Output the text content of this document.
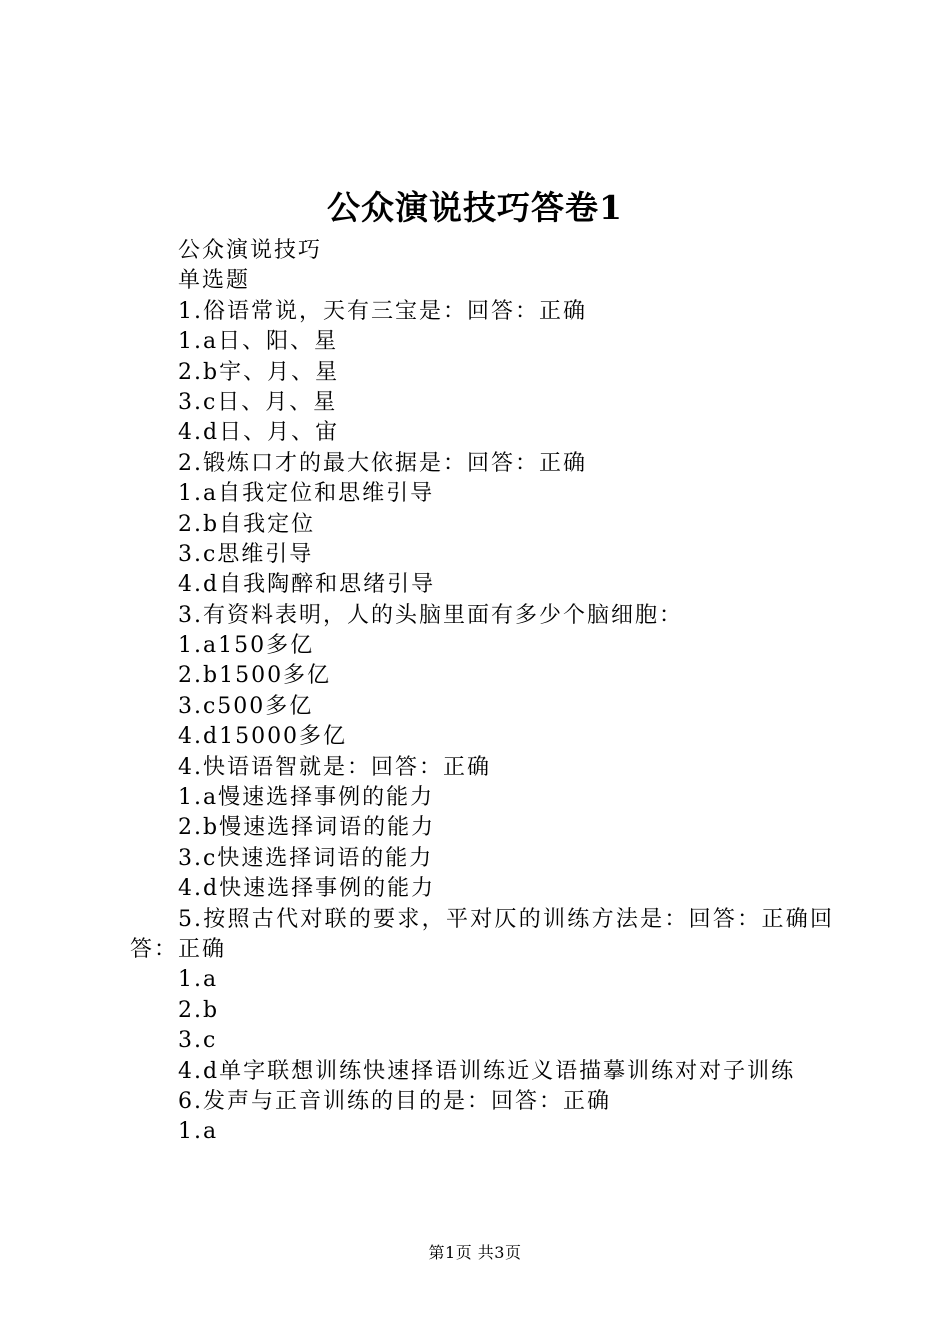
公众演说技巧答卷1
公众演说技巧
单选题
1.俗语常说，天有三宝是：回答：正确
1.a日、阳、星
2.b宇、月、星
3.c日、月、星
4.d日、月、宙
2.锻炼口才的最大依据是：回答：正确
1.a自我定位和思维引导
2.b自我定位
3.c思维引导
4.d自我陶醉和思绪引导
3.有资料表明，人的头脑里面有多少个脑细胞：
1.a150多亿
2.b1500多亿
3.c500多亿
4.d15000多亿
4.快语语智就是：回答：正确
1.a慢速选择事例的能力
2.b慢速选择词语的能力
3.c快速选择词语的能力
4.d快速选择事例的能力
5.按照古代对联的要求，平对仄的训练方法是：回答：正确回答：正确
1.a
2.b
3.c
4.d单字联想训练快速择语训练近义语描摹训练对对子训练
6.发声与正音训练的目的是：回答：正确
1.a
第1页 共3页
